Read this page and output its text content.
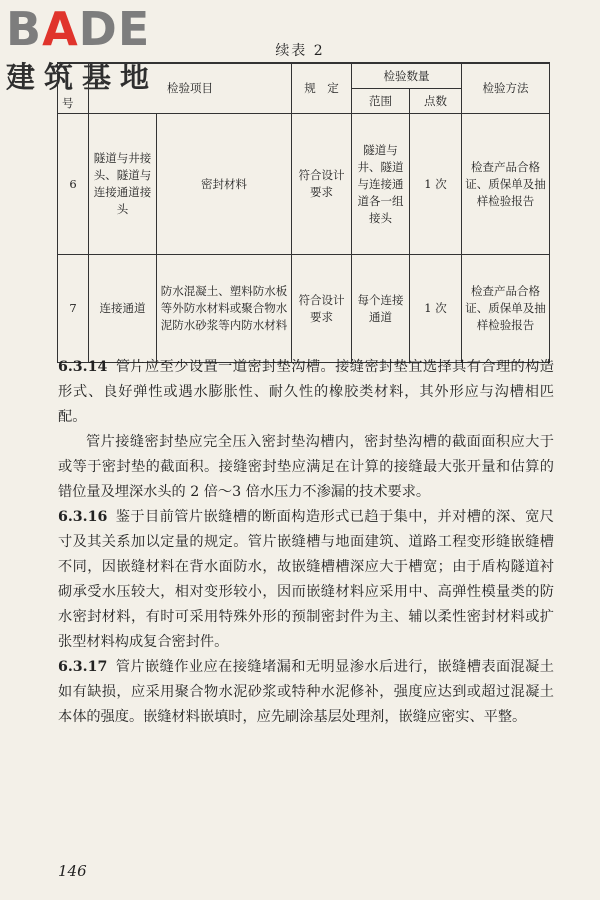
BADE
建筑基地
续表 2
号	检验项目		规　定	检验数量		检验方法
				范围	点数	
6	隧道与井接头、隧道与连接通道接头	密封材料	符合设计要求	隧道与井、隧道与连接通道各一组接头	1 次	检查产品合格证、质保单及抽样检验报告
7	连接通道	防水混凝土、塑料防水板等外防水材料或聚合物水泥防水砂浆等内防水材料	符合设计要求	每个连接通道	1 次	检查产品合格证、质保单及抽样检验报告

6.3.14 管片应至少设置一道密封垫沟槽。接缝密封垫宜选择具有合理的构造形式、良好弹性或遇水膨胀性、耐久性的橡胶类材料，其外形应与沟槽相匹配。

管片接缝密封垫应完全压入密封垫沟槽内，密封垫沟槽的截面面积应大于或等于密封垫的截面积。接缝密封垫应满足在计算的接缝最大张开量和估算的错位量及埋深水头的 2 倍～3 倍水压力不渗漏的技术要求。

6.3.16 鉴于目前管片嵌缝槽的断面构造形式已趋于集中，并对槽的深、宽尺寸及其关系加以定量的规定。管片嵌缝槽与地面建筑、道路工程变形缝嵌缝槽不同，因嵌缝材料在背水面防水，故嵌缝槽槽深应大于槽宽；由于盾构隧道衬砌承受水压较大，相对变形较小，因而嵌缝材料应采用中、高弹性模量类的防水密封材料，有时可采用特殊外形的预制密封件为主、辅以柔性密封材料或扩张型材料构成复合密封件。

6.3.17 管片嵌缝作业应在接缝堵漏和无明显渗水后进行，嵌缝槽表面混凝土如有缺损，应采用聚合物水泥砂浆或特种水泥修补，强度应达到或超过混凝土本体的强度。嵌缝材料嵌填时，应先刷涂基层处理剂，嵌缝应密实、平整。

146
